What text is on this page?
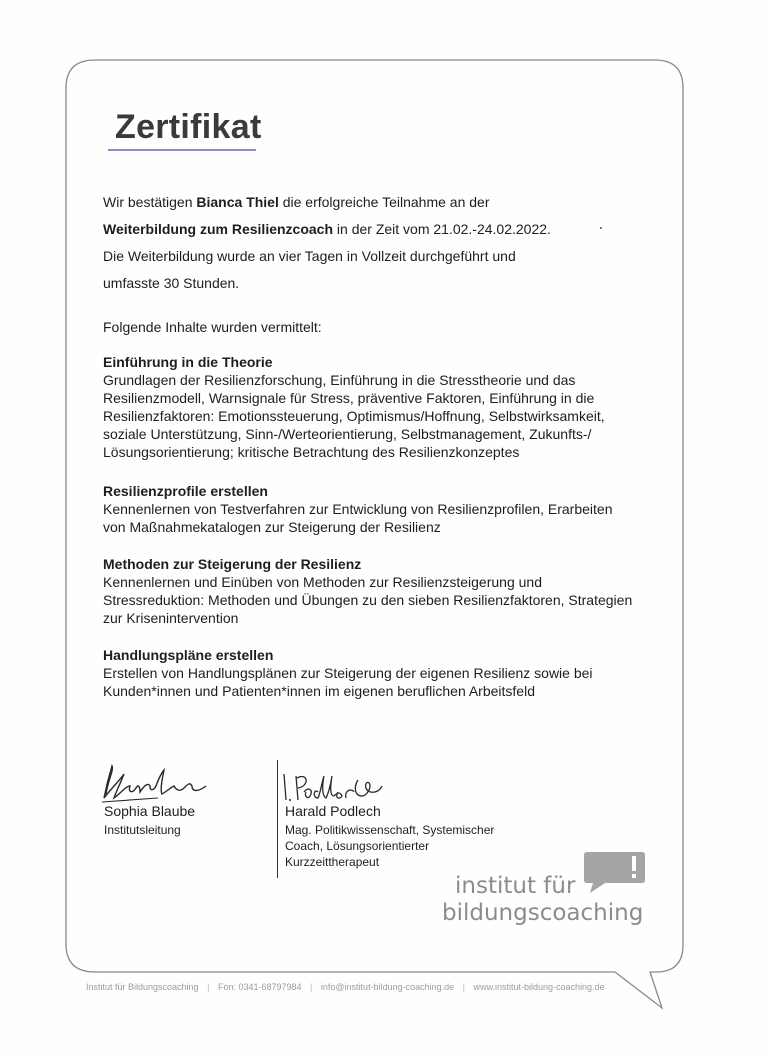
Zertifikat
Wir bestätigen Bianca Thiel die erfolgreiche Teilnahme an der
Weiterbildung zum Resilienzcoach in der Zeit vom 21.02.-24.02.2022.
Die Weiterbildung wurde an vier Tagen in Vollzeit durchgeführt und
umfasste 30 Stunden.
Folgende Inhalte wurden vermittelt:
Einführung in die Theorie
Grundlagen der Resilienzforschung, Einführung in die Stresstheorie und das
Resilienzmodell, Warnsignale für Stress, präventive Faktoren, Einführung in die
Resilienzfaktoren: Emotionssteuerung, Optimismus/Hoffnung, Selbstwirksamkeit,
soziale Unterstützung, Sinn-/Werteorientierung, Selbstmanagement, Zukunfts-/
Lösungsorientierung; kritische Betrachtung des Resilienzkonzeptes
Resilienzprofile erstellen
Kennenlernen von Testverfahren zur Entwicklung von Resilienzprofilen, Erarbeiten
von Maßnahmekatalogen zur Steigerung der Resilienz
Methoden zur Steigerung der Resilienz
Kennenlernen und Einüben von Methoden zur Resilienzsteigerung und
Stressreduktion: Methoden und Übungen zu den sieben Resilienzfaktoren, Strategien
zur Krisenintervention
Handlungspläne erstellen
Erstellen von Handlungsplänen zur Steigerung der eigenen Resilienz sowie bei
Kunden*innen und Patienten*innen im eigenen beruflichen Arbeitsfeld
Sophia Blaube
Institutsleitung
Harald Podlech
Mag. Politikwissenschaft, Systemischer
Coach, Lösungsorientierter
Kurzzeittherapeut
institut für
bildungscoaching
Institut für Bildungscoaching | Fon: 0341-68797984 | info@institut-bildung-coaching.de | www.institut-bildung-coaching.de
